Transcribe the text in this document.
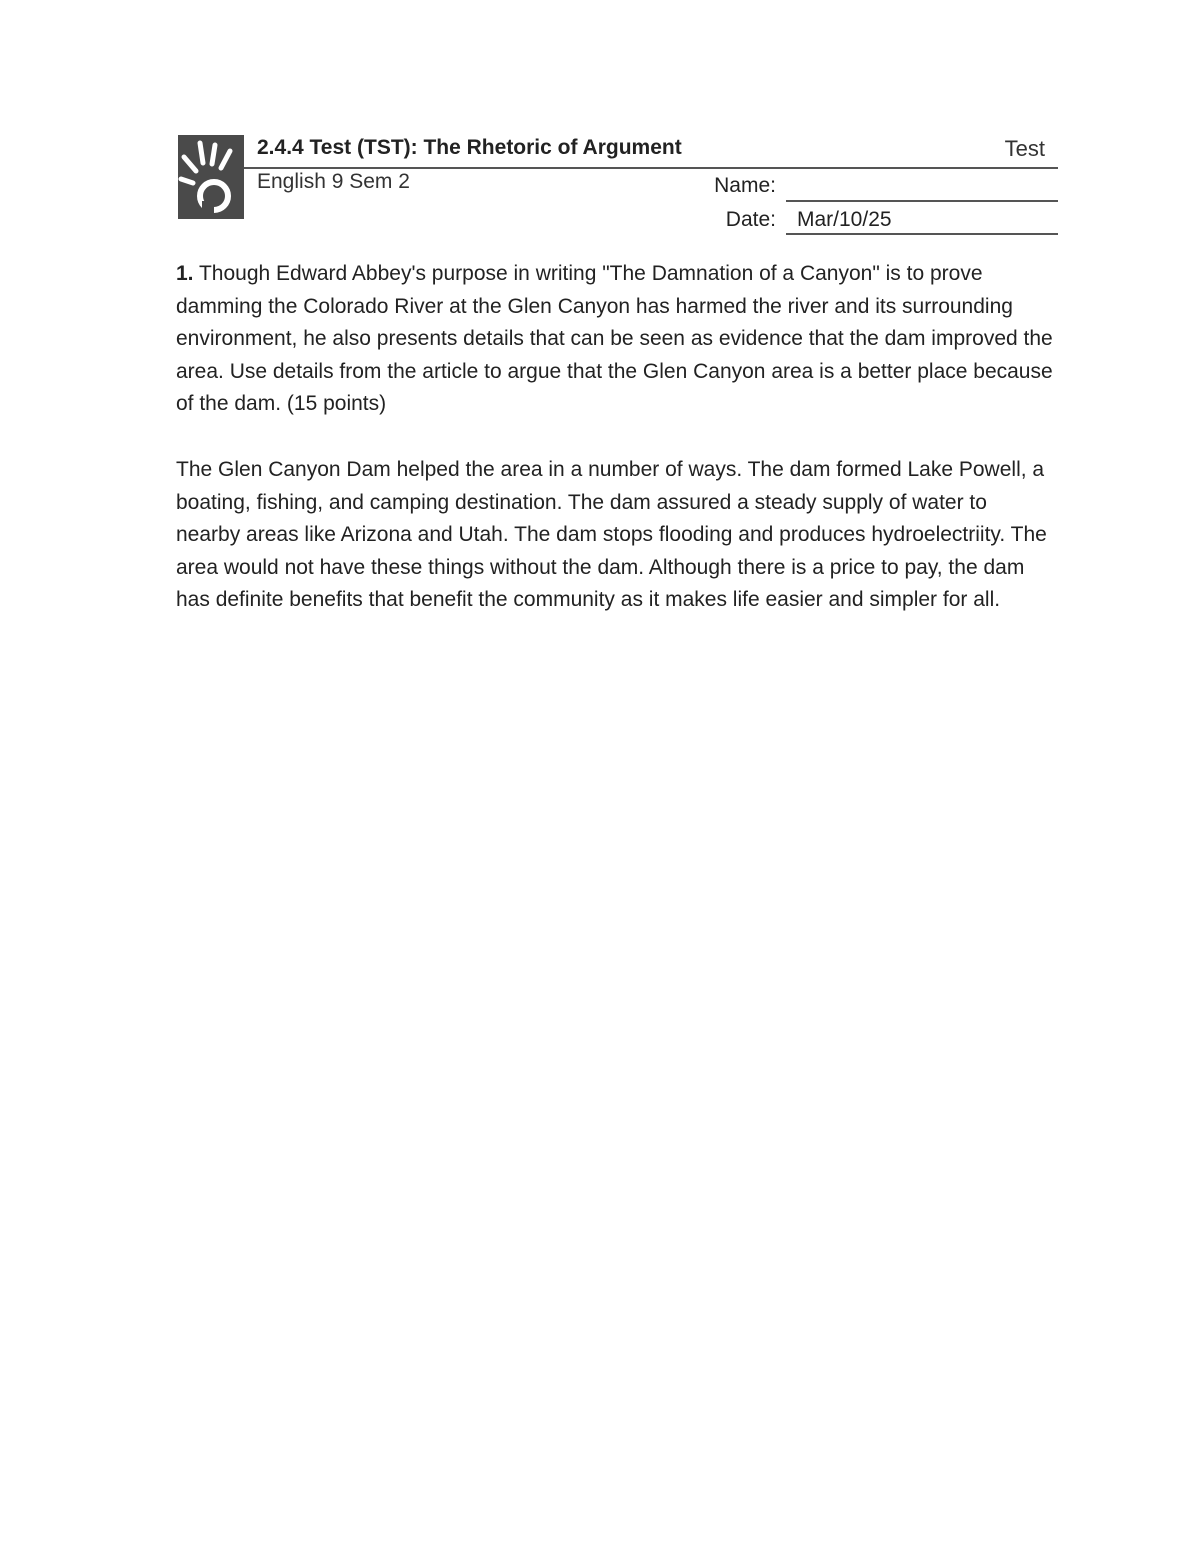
2.4.4 Test (TST): The Rhetoric of Argument	Test
English 9 Sem 2	Name:
Date: Mar/10/25
1. Though Edward Abbey's purpose in writing "The Damnation of a Canyon" is to prove damming the Colorado River at the Glen Canyon has harmed the river and its surrounding environment, he also presents details that can be seen as evidence that the dam improved the area. Use details from the article to argue that the Glen Canyon area is a better place because of the dam. (15 points)
The Glen Canyon Dam helped the area in a number of ways. The dam formed Lake Powell, a boating, fishing, and camping destination. The dam assured a steady supply of water to nearby areas like Arizona and Utah. The dam stops flooding and produces hydroelectriity. The area would not have these things without the dam. Although there is a price to pay, the dam has definite benefits that benefit the community as it makes life easier and simpler for all.
